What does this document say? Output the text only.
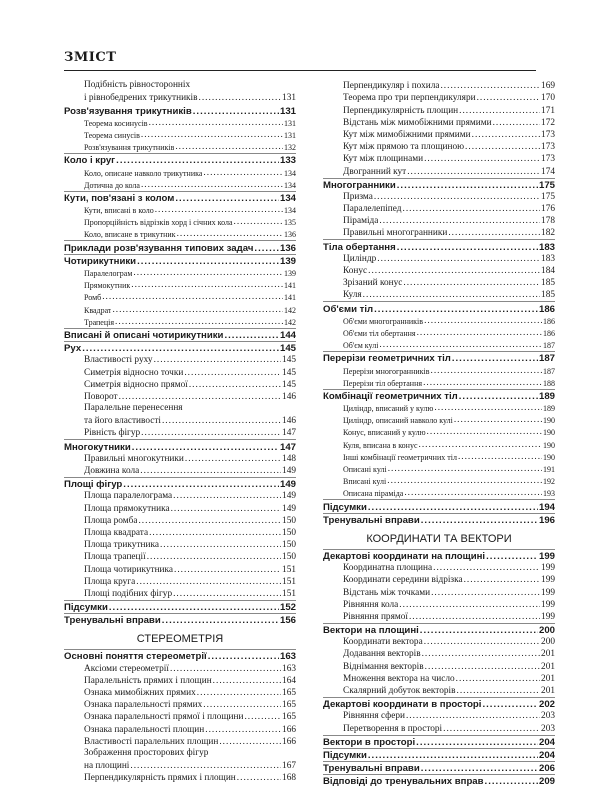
ЗМІСТ
Подібність рівносторонніх
і рівнобедрених трикутників .....	131
Розв'язування трикутників .....	131
Теорема косинусів .....	131
Теорема синусів .....	131
Розв'язування трикутників .....	132
Коло і круг .....	133
Коло, описане навколо трикутника .....	134
Дотична до кола .....	134
Кути, пов'язані з колом .....	134
Кути, вписані в коло .....	134
Пропорційність відрізків хорд і січних кола .....	135
Коло, вписане в трикутник .....	136
Приклади розв'язування типових задач .....	136
Чотирикутники .....	139
Паралелограм .....	139
Прямокутник .....	141
Ромб .....	141
Квадрат .....	142
Трапеція .....	142
Вписані й описані чотирикутники .....	144
Рух .....	145
Властивості руху .....	145
Симетрія відносно точки .....	145
Симетрія відносно прямої .....	145
Поворот .....	146
Паралельне перенесення
та його властивості .....	146
Рівність фігур .....	147
Многокутники .....	147
Правильні многокутники .....	148
Довжина кола .....	149
Площі фігур .....	149
Площа паралелограма .....	149
Площа прямокутника .....	149
Площа ромба .....	150
Площа квадрата .....	150
Площа трикутника .....	150
Площа трапеції .....	150
Площа чотирикутника .....	151
Площа круга .....	151
Площі подібних фігур .....	151
Підсумки .....	152
Тренувальні вправи .....	156
СТЕРЕОМЕТРІЯ
Основні поняття стереометрії .....	163
Аксіоми стереометрії .....	163
Паралельність прямих і площин .....	164
Ознака мимобіжних прямих .....	165
Ознака паралельності прямих .....	165
Ознака паралельності прямої і площини .....	165
Ознака паралельності площин .....	166
Властивості паралельних площин .....	166
Зображення просторових фігур
на площині .....	167
Перпендикулярність прямих і площин .....	168
Перпендикуляр і похила .....	169
Теорема про три перпендикуляри .....	170
Перпендикулярність площин .....	171
Відстань між мимобіжними прямими .....	172
Кут між мимобіжними прямими .....	173
Кут між прямою та площиною .....	173
Кут між площинами .....	173
Двогранний кут .....	174
Многогранники .....	175
Призма .....	175
Паралелепіпед .....	176
Піраміда .....	178
Правильні многогранники .....	182
Тіла обертання .....	183
Циліндр .....	183
Конус .....	184
Зрізаний конус .....	185
Куля .....	185
Об'єми тіл .....	186
Об'єми многогранників .....	186
Об'єми тіл обертання .....	186
Об'єм кулі .....	187
Перерізи геометричних тіл .....	187
Перерізи многогранників .....	187
Перерізи тіл обертання .....	188
Комбінації геометричних тіл .....	189
Циліндр, вписаний у кулю .....	189
Циліндр, описаний навколо кулі .....	190
Конус, вписаний у кулю .....	190
Куля, вписана в конус .....	190
Інші комбінації геометричних тіл .....	190
Описані кулі .....	191
Вписані кулі .....	192
Описана піраміда .....	193
Підсумки .....	194
Тренувальні вправи .....	196
КООРДИНАТИ ТА ВЕКТОРИ
Декартові координати на площині .....	199
Координатна площина .....	199
Координати середини відрізка .....	199
Відстань між точками .....	199
Рівняння кола .....	199
Рівняння прямої .....	199
Вектори на площині .....	200
Координати вектора .....	200
Додавання векторів .....	201
Віднімання векторів .....	201
Множення вектора на число .....	201
Скалярний добуток векторів .....	201
Декартові координати в просторі .....	202
Рівняння сфери .....	203
Перетворення в просторі .....	203
Вектори в просторі .....	204
Підсумки .....	204
Тренувальні вправи .....	206
Відповіді до тренувальних вправ .....	209
